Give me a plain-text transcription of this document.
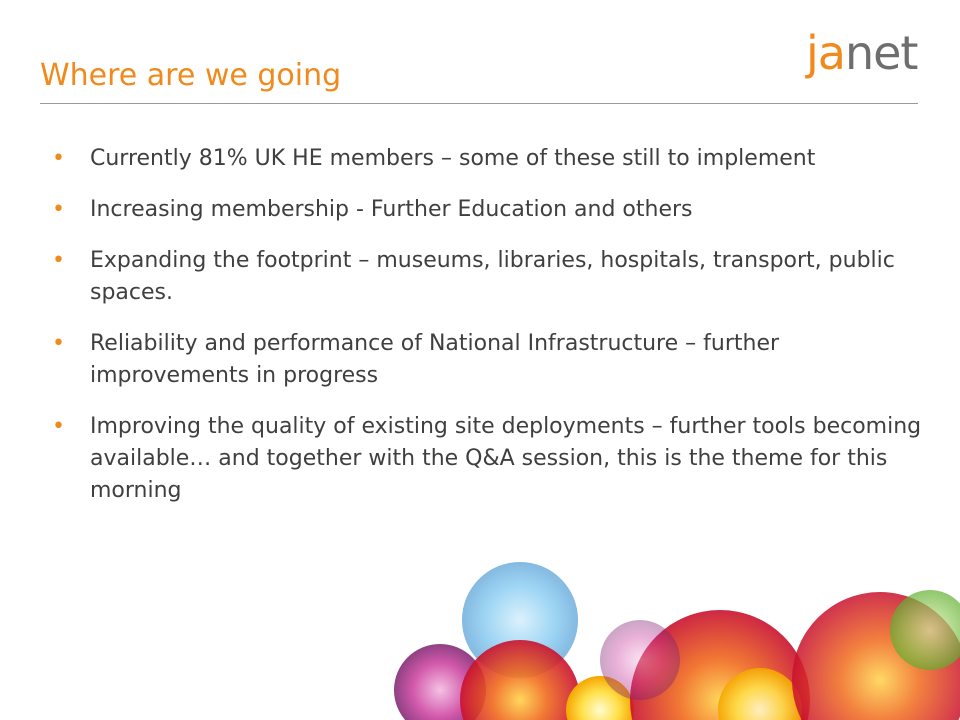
Where are we going	janet
• Currently 81% UK HE members – some of these still to implement
• Increasing membership - Further Education and others
• Expanding the footprint – museums, libraries, hospitals, transport, public spaces.
• Reliability and performance of National Infrastructure – further improvements in progress
• Improving the quality of existing site deployments – further tools becoming available… and together with the Q&A session, this is the theme for this morning
